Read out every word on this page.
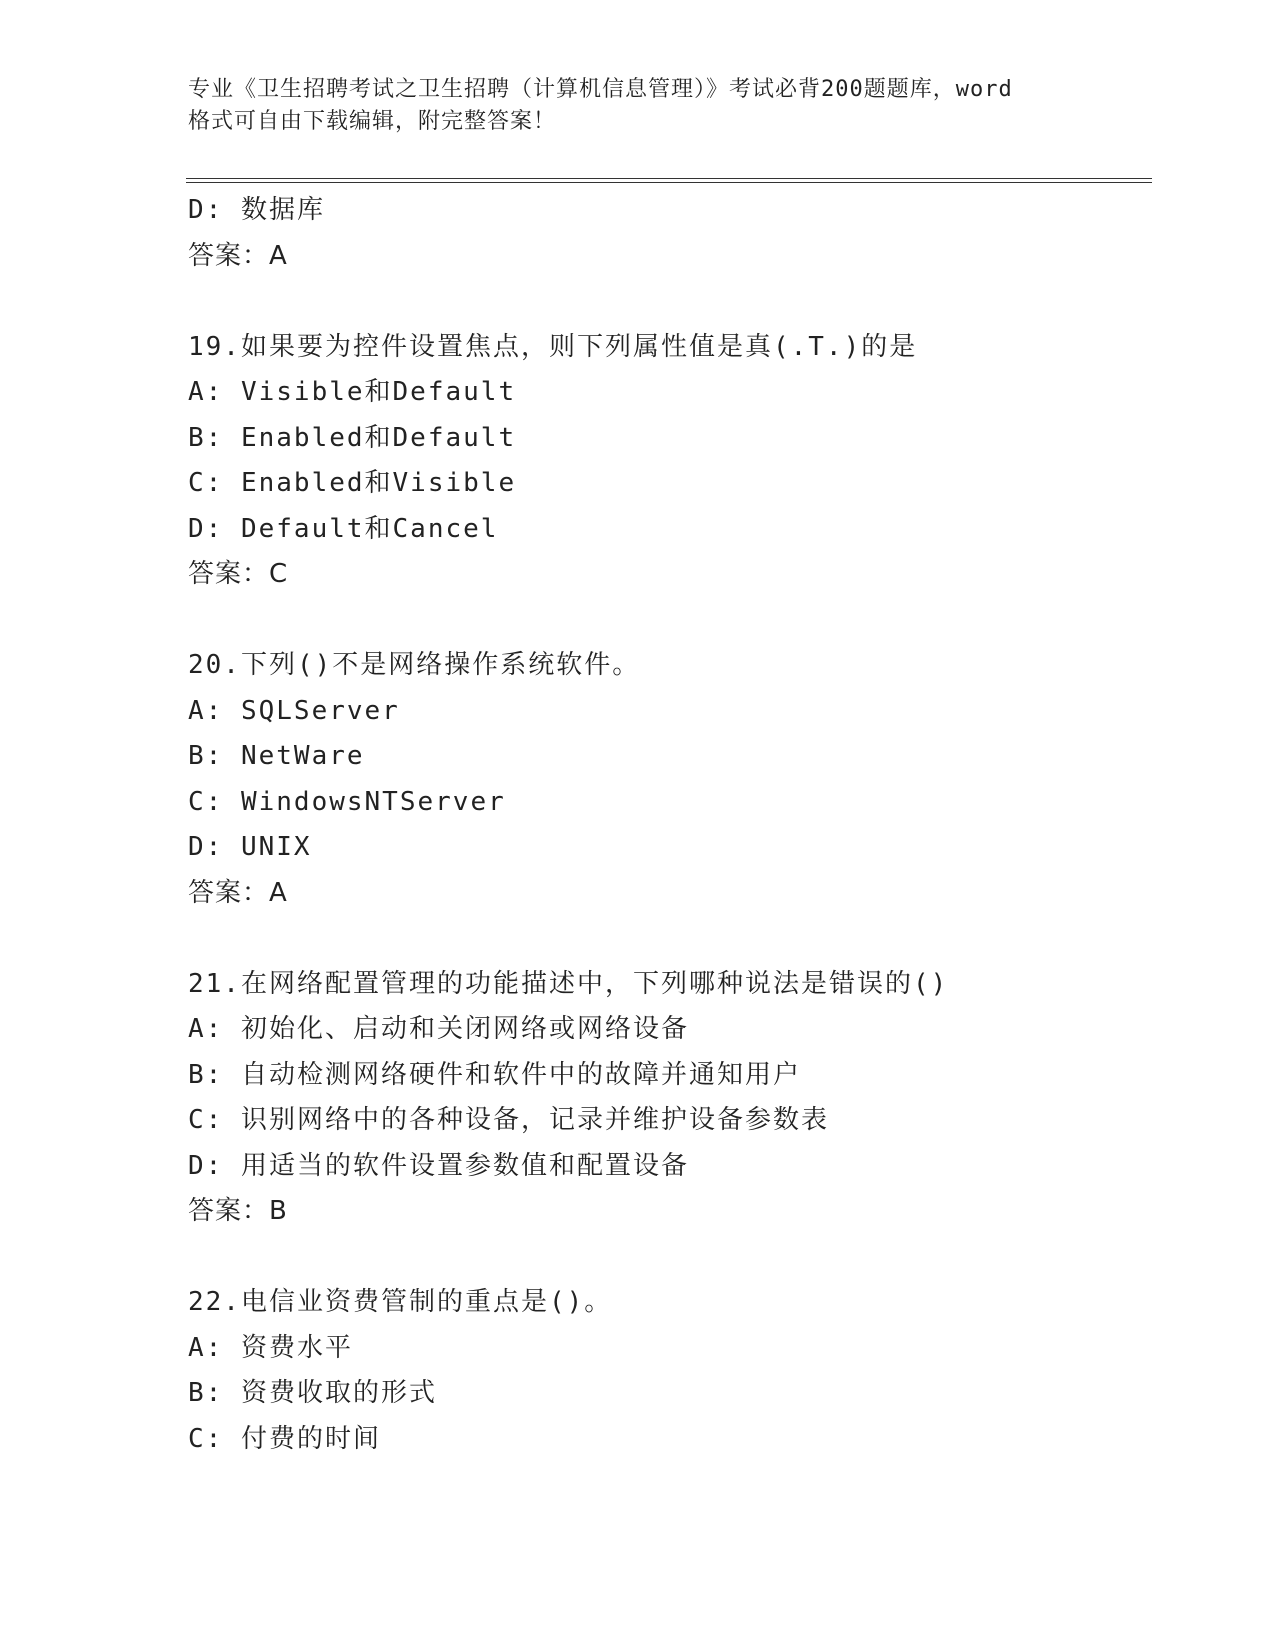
专业《卫生招聘考试之卫生招聘（计算机信息管理）》考试必背200题题库，word
格式可自由下载编辑，附完整答案！
D: 数据库
答案：A
19.如果要为控件设置焦点，则下列属性值是真(.T.)的是
A: Visible和Default
B: Enabled和Default
C: Enabled和Visible
D: Default和Cancel
答案：C
20.下列()不是网络操作系统软件。
A: SQLServer
B: NetWare
C: WindowsNTServer
D: UNIX
答案：A
21.在网络配置管理的功能描述中，下列哪种说法是错误的()
A: 初始化、启动和关闭网络或网络设备
B: 自动检测网络硬件和软件中的故障并通知用户
C: 识别网络中的各种设备，记录并维护设备参数表
D: 用适当的软件设置参数值和配置设备
答案：B
22.电信业资费管制的重点是()。
A: 资费水平
B: 资费收取的形式
C: 付费的时间
